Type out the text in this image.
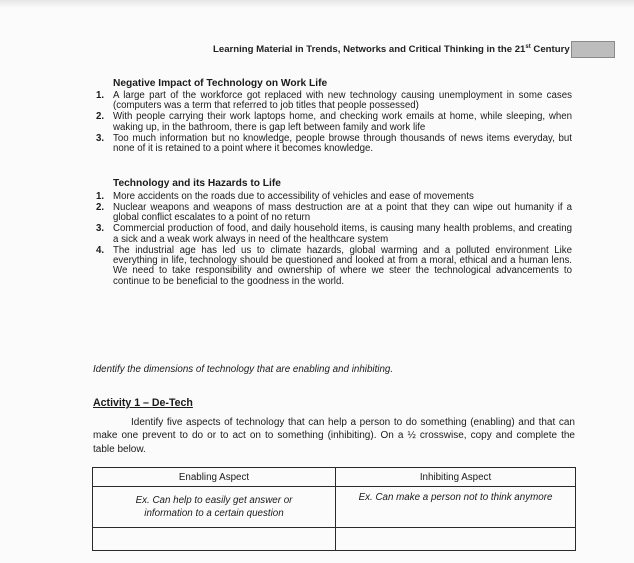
Learning Material in Trends, Networks and Critical Thinking in the 21st Century
Negative Impact of Technology on Work Life
1. A large part of the workforce got replaced with new technology causing unemployment in some cases (computers was a term that referred to job titles that people possessed)
2. With people carrying their work laptops home, and checking work emails at home, while sleeping, when waking up, in the bathroom, there is gap left between family and work life
3. Too much information but no knowledge, people browse through thousands of news items everyday, but none of it is retained to a point where it becomes knowledge.
Technology and its Hazards to Life
1. More accidents on the roads due to accessibility of vehicles and ease of movements
2. Nuclear weapons and weapons of mass destruction are at a point that they can wipe out humanity if a global conflict escalates to a point of no return
3. Commercial production of food, and daily household items, is causing many health problems, and creating a sick and a weak work always in need of the healthcare system
4. The industrial age has led us to climate hazards, global warming and a polluted environment Like everything in life, technology should be questioned and looked at from a moral, ethical and a human lens. We need to take responsibility and ownership of where we steer the technological advancements to continue to be beneficial to the goodness in the world.
Identify the dimensions of technology that are enabling and inhibiting.
Activity 1 – De-Tech
Identify five aspects of technology that can help a person to do something (enabling) and that can make one prevent to do or to act on to something (inhibiting). On a ½ crosswise, copy and complete the table below.
Enabling Aspect	Inhibiting Aspect
Ex. Can help to easily get answer or information to a certain question	Ex. Can make a person not to think anymore
